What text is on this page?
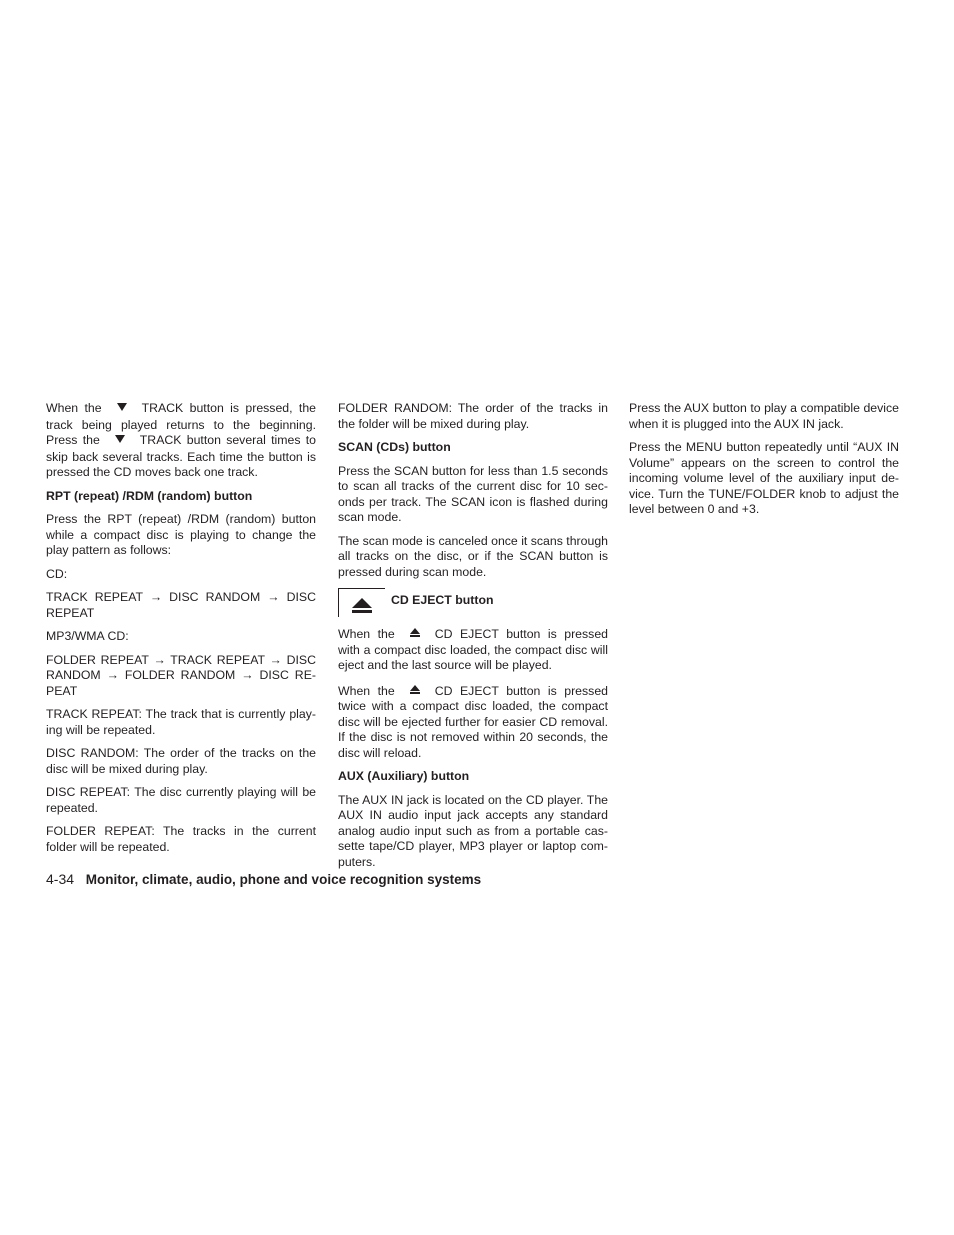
When the	TRACK button is pressed, the track being played returns to the beginning. Press the	TRACK button several times to skip back several tracks. Each time the button is pressed the CD moves back one track.

RPT (repeat) /RDM (random) button

Press the RPT (repeat) /RDM (random) button while a compact disc is playing to change the play pattern as follows:

CD:

TRACK REPEAT → DISC RANDOM → DISC REPEAT

MP3/WMA CD:

FOLDER REPEAT → TRACK REPEAT → DISC RANDOM → FOLDER RANDOM → DISC RE-PEAT

TRACK REPEAT: The track that is currently play-ing will be repeated.

DISC RANDOM: The order of the tracks on the disc will be mixed during play.

DISC REPEAT: The disc currently playing will be repeated.

FOLDER REPEAT: The tracks in the current folder will be repeated.

FOLDER RANDOM: The order of the tracks in the folder will be mixed during play.

SCAN (CDs) button

Press the SCAN button for less than 1.5 seconds to scan all tracks of the current disc for 10 sec-onds per track. The SCAN icon is flashed during scan mode.

The scan mode is canceled once it scans through all tracks on the disc, or if the SCAN button is pressed during scan mode.

CD EJECT button

When the	CD EJECT button is pressed with a compact disc loaded, the compact disc will eject and the last source will be played.

When the	CD EJECT button is pressed twice with a compact disc loaded, the compact disc will be ejected further for easier CD removal. If the disc is not removed within 20 seconds, the disc will reload.

AUX (Auxiliary) button

The AUX IN jack is located on the CD player. The AUX IN audio input jack accepts any standard analog audio input such as from a portable cas-sette tape/CD player, MP3 player or laptop com-puters.

Press the AUX button to play a compatible device when it is plugged into the AUX IN jack.

Press the MENU button repeatedly until “AUX IN Volume” appears on the screen to control the incoming volume level of the auxiliary input de-vice. Turn the TUNE/FOLDER knob to adjust the level between 0 and +3.

4-34 Monitor, climate, audio, phone and voice recognition systems
